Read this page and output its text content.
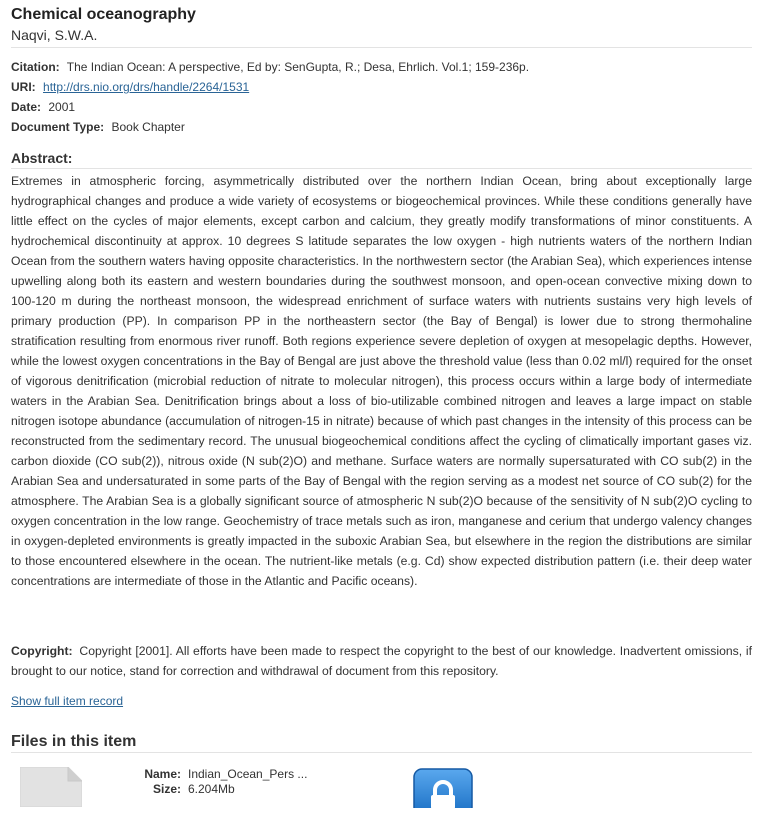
Chemical oceanography
Naqvi, S.W.A.
Citation: The Indian Ocean: A perspective, Ed by: SenGupta, R.; Desa, Ehrlich. Vol.1; 159-236p.
URI: http://drs.nio.org/drs/handle/2264/1531
Date: 2001
Document Type: Book Chapter
Abstract:

Extremes in atmospheric forcing, asymmetrically distributed over the northern Indian Ocean, bring about exceptionally large hydrographical changes and produce a wide variety of ecosystems or biogeochemical provinces. While these conditions generally have little effect on the cycles of major elements, except carbon and calcium, they greatly modify transformations of minor constituents. A hydrochemical discontinuity at approx. 10 degrees S latitude separates the low oxygen - high nutrients waters of the northern Indian Ocean from the southern waters having opposite characteristics. In the northwestern sector (the Arabian Sea), which experiences intense upwelling along both its eastern and western boundaries during the southwest monsoon, and open-ocean convective mixing down to 100-120 m during the northeast monsoon, the widespread enrichment of surface waters with nutrients sustains very high levels of primary production (PP). In comparison PP in the northeastern sector (the Bay of Bengal) is lower due to strong thermohaline stratification resulting from enormous river runoff. Both regions experience severe depletion of oxygen at mesopelagic depths. However, while the lowest oxygen concentrations in the Bay of Bengal are just above the threshold value (less than 0.02 ml/l) required for the onset of vigorous denitrification (microbial reduction of nitrate to molecular nitrogen), this process occurs within a large body of intermediate waters in the Arabian Sea. Denitrification brings about a loss of bio-utilizable combined nitrogen and leaves a large impact on stable nitrogen isotope abundance (accumulation of nitrogen-15 in nitrate) because of which past changes in the intensity of this process can be reconstructed from the sedimentary record. The unusual biogeochemical conditions affect the cycling of climatically important gases viz. carbon dioxide (CO sub(2)), nitrous oxide (N sub(2)O) and methane. Surface waters are normally supersaturated with CO sub(2) in the Arabian Sea and undersaturated in some parts of the Bay of Bengal with the region serving as a modest net source of CO sub(2) for the atmosphere. The Arabian Sea is a globally significant source of atmospheric N sub(2)O because of the sensitivity of N sub(2)O cycling to oxygen concentration in the low range. Geochemistry of trace metals such as iron, manganese and cerium that undergo valency changes in oxygen-depleted environments is greatly impacted in the suboxic Arabian Sea, but elsewhere in the region the distributions are similar to those encountered elsewhere in the ocean. The nutrient-like metals (e.g. Cd) show expected distribution pattern (i.e. their deep water concentrations are intermediate of those in the Atlantic and Pacific oceans).

Copyright: Copyright [2001]. All efforts have been made to respect the copyright to the best of our knowledge. Inadvertent omissions, if brought to our notice, stand for correction and withdrawal of document from this repository.
Show full item record
Files in this item
Name: Indian_Ocean_Pers ...
Size: 6.204Mb
